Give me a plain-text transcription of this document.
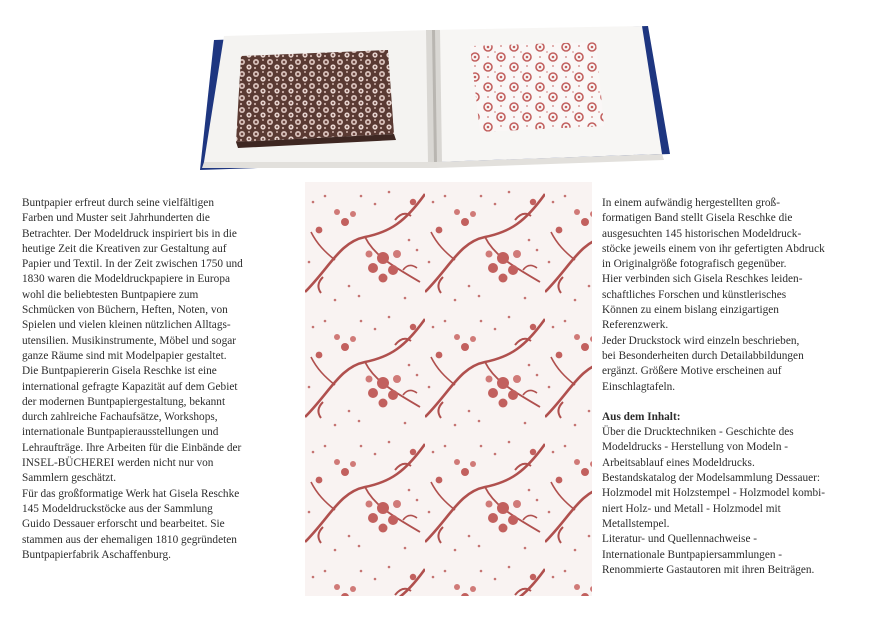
Buntpapier erfreut durch seine vielfältigen

Farben und Muster seit Jahrhunderten die

Betrachter. Der Modeldruck inspiriert bis in die

heutige Zeit die Kreativen zur Gestaltung auf

Papier und Textil. In der Zeit zwischen 1750 und

1830 waren die Modeldruckpapiere in Europa

wohl die beliebtesten Buntpapiere zum

Schmücken von Büchern, Heften, Noten, von

Spielen und vielen kleinen nützlichen Alltags-

utensilien. Musikinstrumente, Möbel und sogar

ganze Räume sind mit Modelpapier gestaltet.

Die Buntpapiererin Gisela Reschke ist eine

international gefragte Kapazität auf dem Gebiet

der modernen Buntpapiergestaltung, bekannt

durch zahlreiche Fachaufsätze, Workshops,

internationale Buntpapierausstellungen und

Lehraufträge. Ihre Arbeiten für die Einbände der

INSEL-BÜCHEREI werden nicht nur von

Sammlern geschätzt.

Für das großformatige Werk hat Gisela Reschke

145 Modeldruckstöcke aus der Sammlung

Guido Dessauer erforscht und bearbeitet. Sie

stammen aus der ehemaligen 1810 gegründeten

Buntpapierfabrik Aschaffenburg.

In einem aufwändig hergestellten groß-

formatigen Band stellt Gisela Reschke die

ausgesuchten 145 historischen Modeldruck-

stöcke jeweils einem von ihr gefertigten Abdruck

in Originalgröße fotografisch gegenüber.

Hier verbinden sich Gisela Reschkes leiden-

schaftliches Forschen und künstlerisches

Können zu einem bislang einzigartigen

Referenzwerk.

Jeder Druckstock wird einzeln beschrieben,

bei Besonderheiten durch Detailabbildungen

ergänzt. Größere Motive erscheinen auf

Einschlagtafeln.

Aus dem Inhalt:

Über die Drucktechniken - Geschichte des

Modeldrucks - Herstellung von Modeln -

Arbeitsablauf eines Modeldrucks.

Bestandskatalog der Modelsammlung Dessauer:

Holzmodel mit Holzstempel - Holzmodel kombi-

niert Holz- und Metall - Holzmodel mit

Metallstempel.

Literatur- und Quellennachweise -

Internationale Buntpapiersammlungen -

Renommierte Gastautoren mit ihren Beiträgen.
